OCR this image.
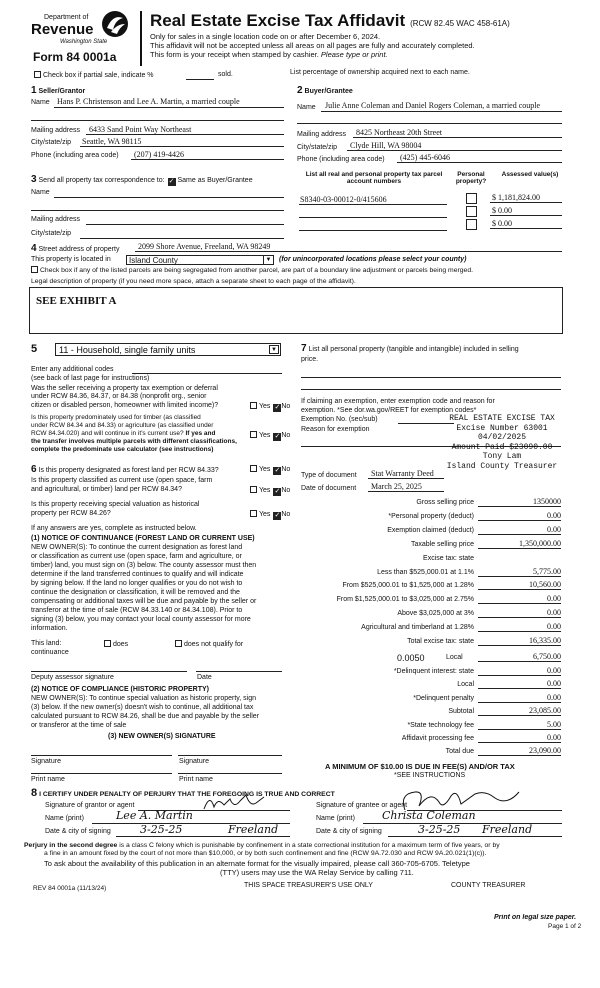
Department of
Revenue
Washington State
Form 84 0001a
Real Estate Excise Tax Affidavit (RCW 82.45 WAC 458-61A)
Only for sales in a single location code on or after December 6, 2024.
This affidavit will not be accepted unless all areas on all pages are fully and accurately completed.
This form is your receipt when stamped by cashier. Please type or print.
Check box if partial sale, indicate %	sold.	List percentage of ownership acquired next to each name.
1 Seller/Grantor
Name Hans P. Christenson and Lee A. Martin, a married couple
Mailing address 6433 Sand Point Way Northeast
City/state/zip Seattle, WA 98115
Phone (including area code) (207) 419-4426
2 Buyer/Grantee
Name Julie Anne Coleman and Daniel Rogers Coleman, a married couple
Mailing address 8425 Northeast 20th Street
City/state/zip Clyde Hill, WA 98004
Phone (including area code) (425) 445-6046
3 Send all property tax correspondence to: ✓ Same as Buyer/Grantee
Name
Mailing address
City/state/zip
List all real and personal property tax parcel account numbers
Personal property?
Assessed value(s)
S8340-03-00012-0/415606	$ 1,181,824.00
$ 0.00
$ 0.00
4 Street address of property 2099 Shore Avenue, Freeland, WA 98249
This property is located in Island County	▼ (for unincorporated locations please select your county)
Check box if any of the listed parcels are being segregated from another parcel, are part of a boundary line adjustment or parcels being merged.
Legal description of property (if you need more space, attach a separate sheet to each page of the affidavit).
SEE EXHIBIT A
5 11 - Household, single family units	▼
Enter any additional codes
(see back of last page for instructions)
Was the seller receiving a property tax exemption or deferral
under RCW 84.36, 84.37, or 84.38 (nonprofit org., senior
citizen or disabled person, homeowner with limited income)?	Yes ✓No
Is this property predominately used for timber (as classified
under RCW 84.34 and 84.33) or agriculture (as classified under
RCW 84.34.020) and will continue in it's current use? If yes and
the transfer involves multiple parcels with different classifications,
complete the predominate use calculator (see instructions)
Yes ✓No
6 Is this property designated as forest land per RCW 84.33?	Yes ✓No
Is this property classified as current use (open space, farm
and agricultural, or timber) land per RCW 84.34?	Yes ✓No
Is this property receiving special valuation as historical
property per RCW 84.26?	Yes ✓No
If any answers are yes, complete as instructed below.
(1) NOTICE OF CONTINUANCE (FOREST LAND OR CURRENT USE)
NEW OWNER(S): To continue the current designation as forest land
or classification as current use (open space, farm and agriculture, or
timber) land, you must sign on (3) below. The county assessor must then
determine if the land transferred continues to qualify and will indicate
by signing below. If the land no longer qualifies or you do not wish to
continue the designation or classification, it will be removed and the
compensating or additional taxes will be due and payable by the seller or
transferor at the time of sale (RCW 84.33.140 or 84.34.108). Prior to
signing (3) below, you may contact your local county assessor for more
information.
This land:
continuance
does	does not qualify for
Deputy assessor signature	Date
(2) NOTICE OF COMPLIANCE (HISTORIC PROPERTY)
NEW OWNER(S): To continue special valuation as historic property, sign
(3) below. If the new owner(s) doesn't wish to continue, all additional tax
calculated pursuant to RCW 84.26, shall be due and payable by the seller
or transferor at the time of sale
(3) NEW OWNER(S) SIGNATURE
Signature	Signature
Print name	Print name
7 List all personal property (tangible and intangible) included in selling
price.
If claiming an exemption, enter exemption code and reason for
exemption. *See dor.wa.gov/REET for exemption codes*
Exemption No. (sec/sub)
Reason for exemption
REAL ESTATE EXCISE TAX
Excise Number 63001
04/02/2025
Amount Paid $23090.00
Tony Lam
Island County Treasurer
Type of document Stat Warranty Deed
Date of document March 25, 2025
Gross selling price	1350000
*Personal property (deduct)	0.00
Exemption claimed (deduct)	0.00
Taxable selling price	1,350,000.00
Excise tax: state
Less than $525,000.01 at 1.1%	5,775.00
From $525,000.01 to $1,525,000 at 1.28%	10,560.00
From $1,525,000.01 to $3,025,000 at 2.75%	0.00
Above $3,025,000 at 3%	0.00
Agricultural and timberland at 1.28%	0.00
Total excise tax: state	16,335.00
0.0050	Local	6,750.00
*Delinquent interest: state	0.00
Local	0.00
*Delinquent penalty	0.00
Subtotal	23,085.00
*State technology fee	5.00
Affidavit processing fee	0.00
Total due	23,090.00
A MINIMUM OF $10.00 IS DUE IN FEE(S) AND/OR TAX
*SEE INSTRUCTIONS
8 I CERTIFY UNDER PENALTY OF PERJURY THAT THE FOREGOING IS TRUE AND CORRECT
Signature of grantor or agent
Name (print)
Date & city of signing
Lee A. Martin
3-25-25	Freeland
Signature of grantee or agent
Name (print)
Date & city of signing
Christa Coleman
3-25-25 Freeland
Perjury in the second degree is a class C felony which is punishable by confinement in a state correctional institution for a maximum term of five years, or by
a fine in an amount fixed by the court of not more than $10,000, or by both such confinement and fine (RCW 9A.72.030 and RCW 9A.20.021(1)(c)).
To ask about the availability of this publication in an alternate format for the visually impaired, please call 360-705-6705. Teletype
(TTY) users may use the WA Relay Service by calling 711.
REV 84 0001a (11/13/24)	THIS SPACE TREASURER'S USE ONLY	COUNTY TREASURER
Print on legal size paper.
Page 1 of 2
